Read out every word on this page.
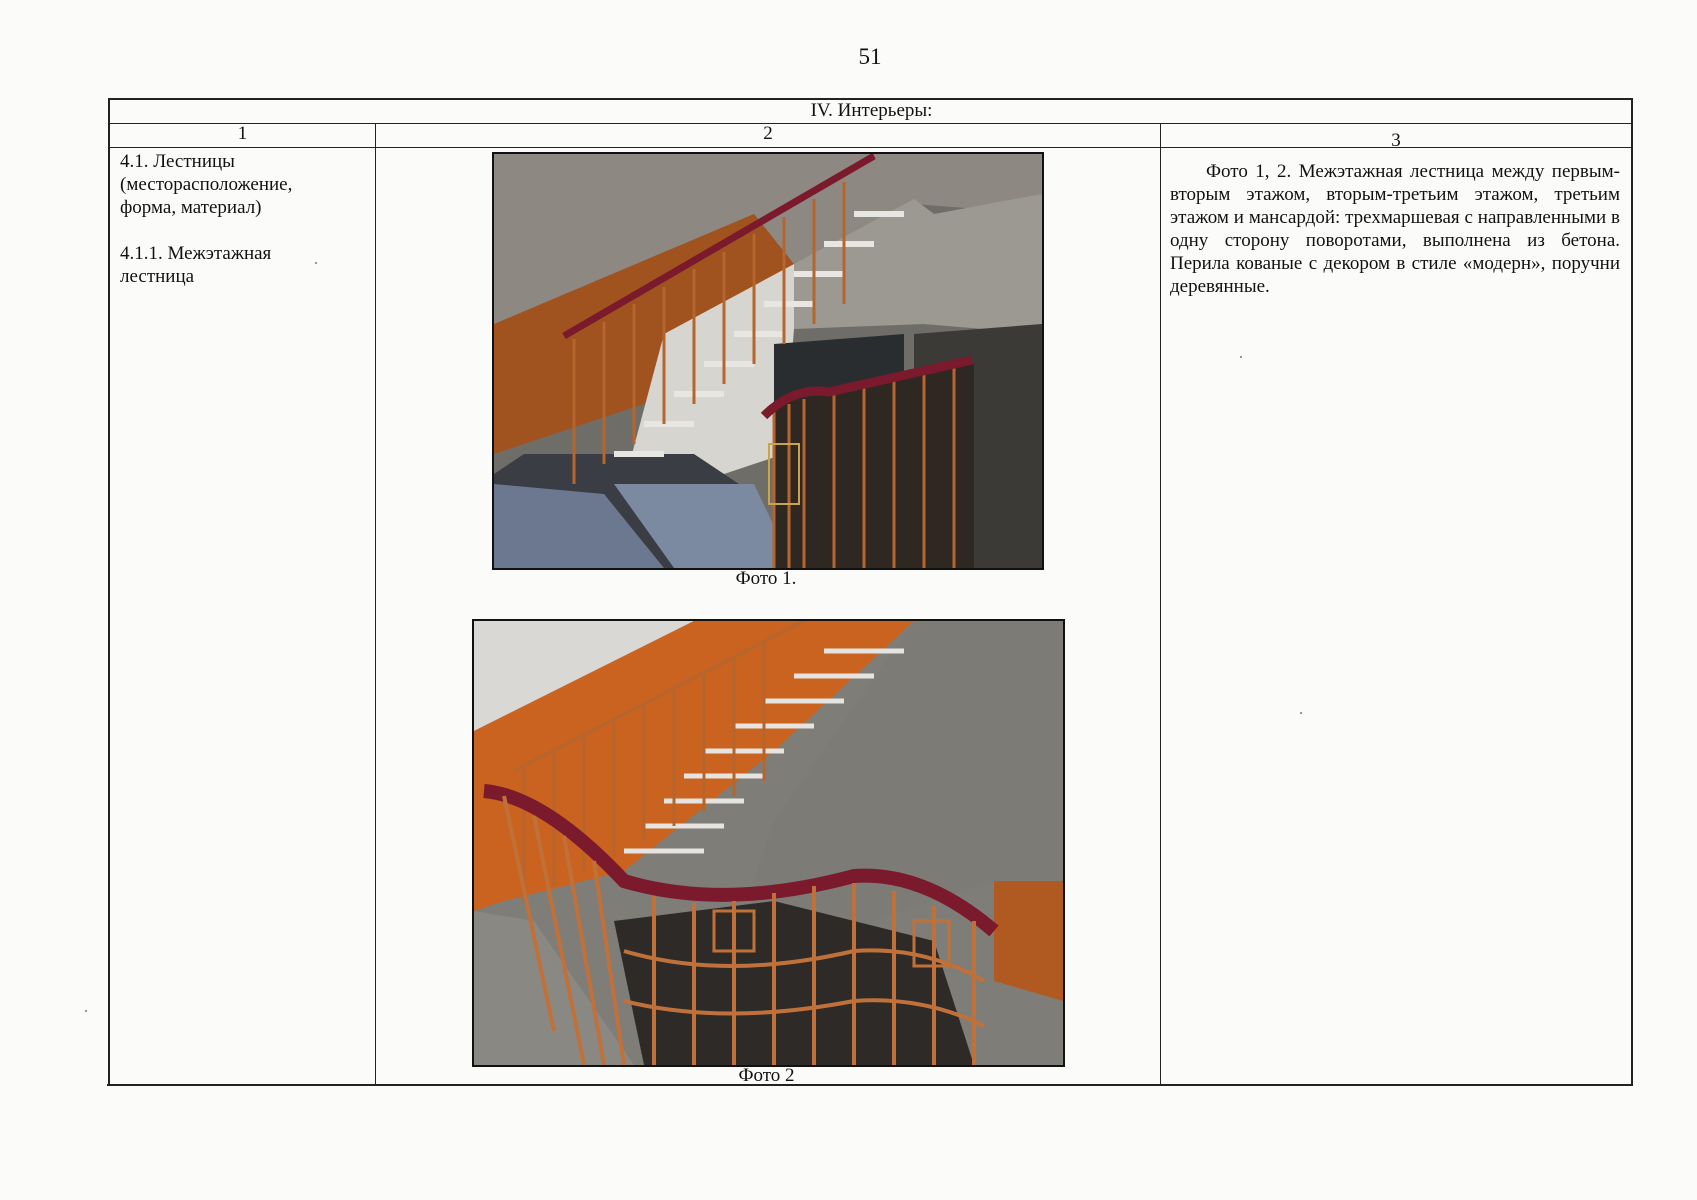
51
IV. Интерьеры:
1	2	3
4.1. Лестницы
(месторасположение,
форма, материал)
4.1.1. Межэтажная
лестница
Фото 1, 2. Межэтажная лестница между первым-вторым этажом, вторым-третьим этажом, третьим этажом и мансардой: трехмаршевая с направленными в одну сторону поворотами, выполнена из бетона. Перила кованые с декором в стиле «модерн», поручни деревянные.
Фото 1.
Фото 2
